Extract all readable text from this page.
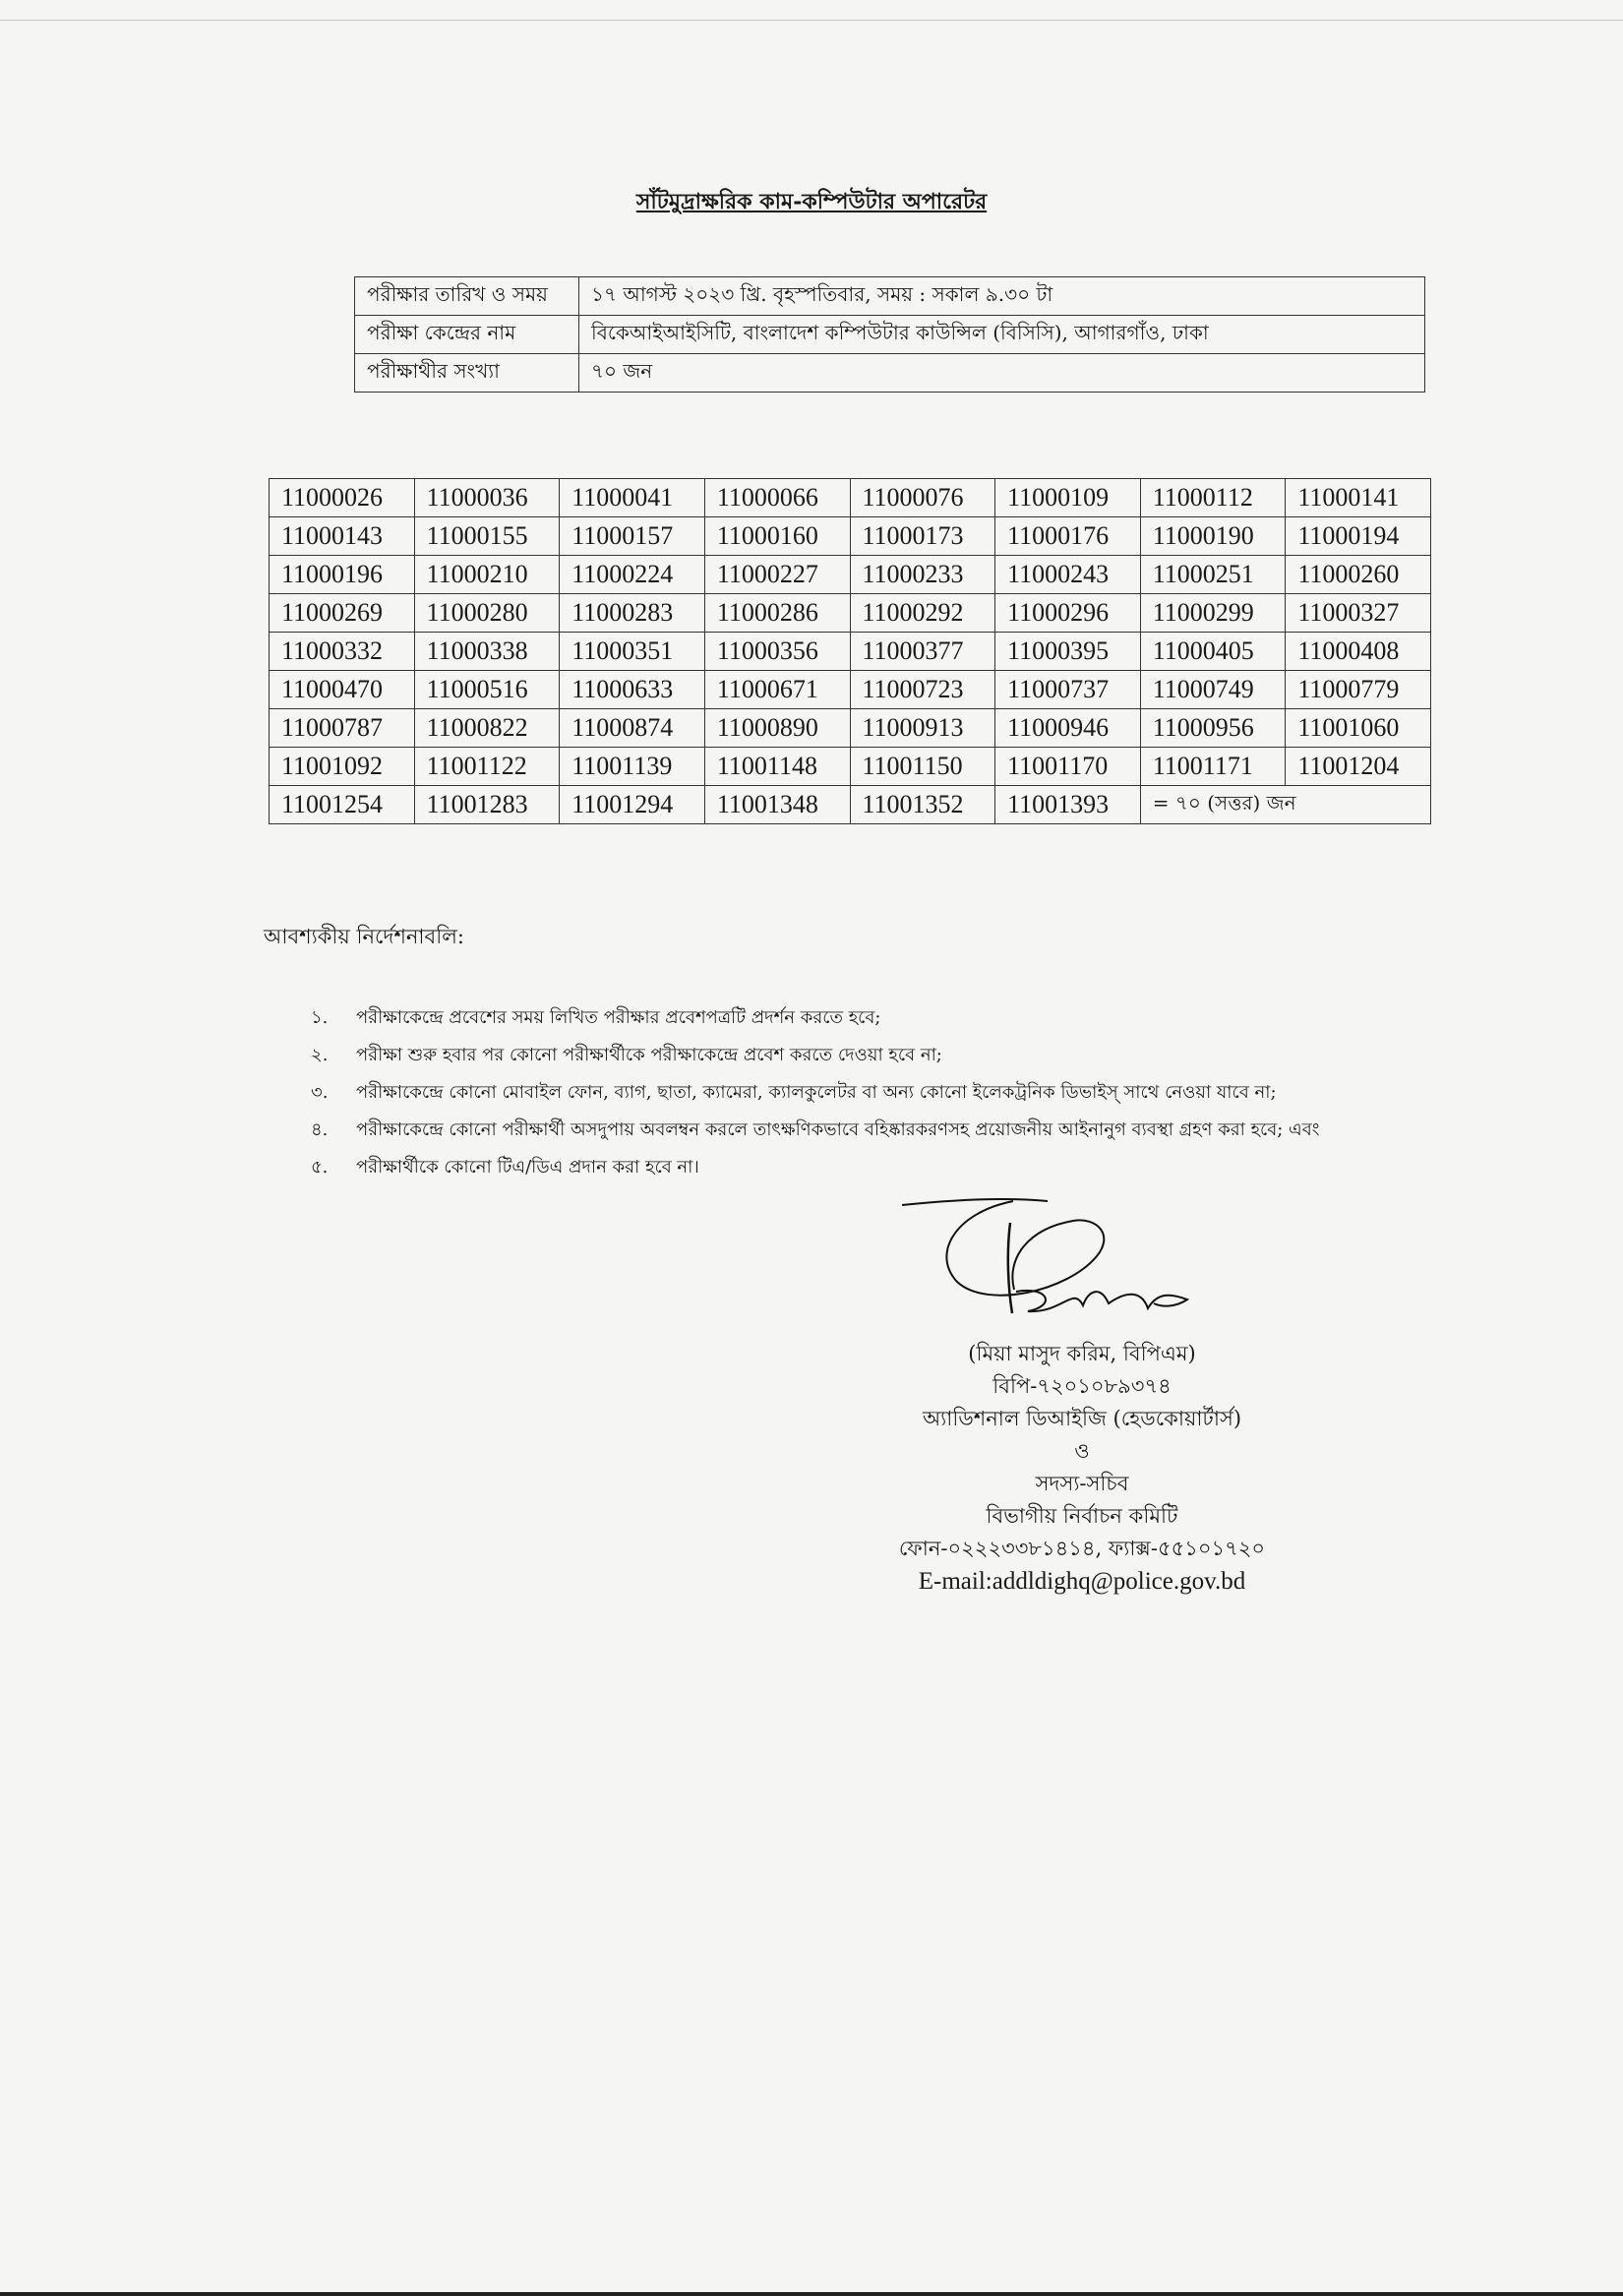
সাঁটমুদ্রাক্ষরিক কাম-কম্পিউটার অপারেটর
পরীক্ষার তারিখ ও সময়	১৭ আগস্ট ২০২৩ খ্রি. বৃহস্পতিবার, সময় : সকাল ৯.৩০ টা
পরীক্ষা কেন্দ্রের নাম	বিকেআইআইসিটি, বাংলাদেশ কম্পিউটার কাউন্সিল (বিসিসি), আগারগাঁও, ঢাকা
পরীক্ষাথীর সংখ্যা	৭০ জন
11000026	11000036	11000041	11000066	11000076	11000109	11000112	11000141
11000143	11000155	11000157	11000160	11000173	11000176	11000190	11000194
11000196	11000210	11000224	11000227	11000233	11000243	11000251	11000260
11000269	11000280	11000283	11000286	11000292	11000296	11000299	11000327
11000332	11000338	11000351	11000356	11000377	11000395	11000405	11000408
11000470	11000516	11000633	11000671	11000723	11000737	11000749	11000779
11000787	11000822	11000874	11000890	11000913	11000946	11000956	11001060
11001092	11001122	11001139	11001148	11001150	11001170	11001171	11001204
11001254	11001283	11001294	11001348	11001352	11001393	= ৭০ (সত্তর) জন	
আবশ্যকীয় নির্দেশনাবলি:
১. পরীক্ষাকেন্দ্রে প্রবেশের সময় লিখিত পরীক্ষার প্রবেশপত্রটি প্রদর্শন করতে হবে;
২. পরীক্ষা শুরু হবার পর কোনো পরীক্ষার্থীকে পরীক্ষাকেন্দ্রে প্রবেশ করতে দেওয়া হবে না;
৩. পরীক্ষাকেন্দ্রে কোনো মোবাইল ফোন, ব্যাগ, ছাতা, ক্যামেরা, ক্যালকুলেটর বা অন্য কোনো ইলেকট্রনিক ডিভাইস্ সাথে নেওয়া যাবে না;
৪. পরীক্ষাকেন্দ্রে কোনো পরীক্ষার্থী অসদুপায় অবলম্বন করলে তাৎক্ষণিকভাবে বহিষ্কারকরণসহ প্রয়োজনীয় আইনানুগ ব্যবস্থা গ্রহণ করা হবে; এবং
৫. পরীক্ষার্থীকে কোনো টিএ/ডিএ প্রদান করা হবে না।
(মিয়া মাসুদ করিম, বিপিএম)
বিপি-৭২০১০৮৯৩৭৪
অ্যাডিশনাল ডিআইজি (হেডকোয়ার্টার্স)
ও
সদস্য-সচিব
বিভাগীয় নির্বাচন কমিটি
ফোন-০২২২৩৩৮১৪১৪, ফ্যাক্স-৫৫১০১৭২০
E-mail:addldighq@police.gov.bd
